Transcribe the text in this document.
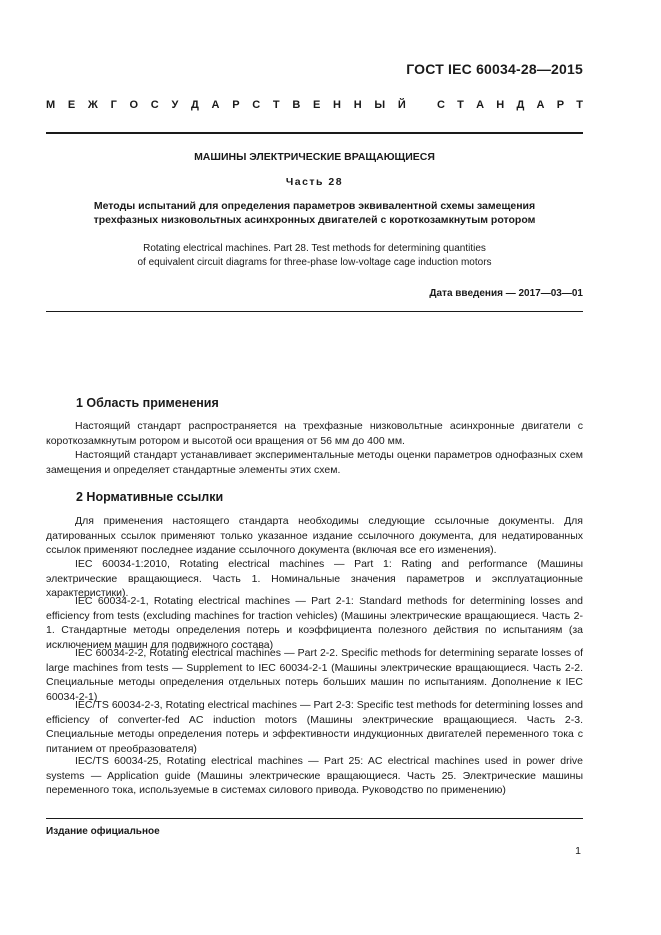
ГОСТ IEC 60034-28—2015
М Е Ж Г О С У Д А Р С Т В Е Н Н Ы Й	С Т А Н Д А Р Т
МАШИНЫ ЭЛЕКТРИЧЕСКИЕ ВРАЩАЮЩИЕСЯ
Часть 28
Методы испытаний для определения параметров эквивалентной схемы замещения
трехфазных низковольтных асинхронных двигателей с короткозамкнутым ротором
Rotating electrical machines. Part 28. Test methods for determining quantities
of equivalent circuit diagrams for three-phase low-voltage cage induction motors
Дата введения — 2017—03—01
1 Область применения

Настоящий стандарт распространяется на трехфазные низковольтные асинхронные двигатели с короткозамкнутым ротором и высотой оси вращения от 56 мм до 400 мм.

Настоящий стандарт устанавливает экспериментальные методы оценки параметров однофазных схем замещения и определяет стандартные элементы этих схем.

2 Нормативные ссылки

Для применения настоящего стандарта необходимы следующие ссылочные документы. Для датированных ссылок применяют только указанное издание ссылочного документа, для недатированных ссылок применяют последнее издание ссылочного документа (включая все его изменения).

IEC 60034-1:2010, Rotating electrical machines — Part 1: Rating and performance (Машины электрические вращающиеся. Часть 1. Номинальные значения параметров и эксплуатационные характеристики).

IEC 60034-2-1, Rotating electrical machines — Part 2-1: Standard methods for determining losses and efficiency from tests (excluding machines for traction vehicles) (Машины электрические вращающиеся. Часть 2-1. Стандартные методы определения потерь и коэффициента полезного действия по испытаниям (за исключением машин для подвижного состава)

IEC 60034-2-2, Rotating electrical machines — Part 2-2. Specific methods for determining separate losses of large machines from tests — Supplement to IEC 60034-2-1 (Машины электрические вращающиеся. Часть 2-2. Специальные методы определения отдельных потерь больших машин по испытаниям. Дополнение к IEC 60034-2-1)

IEC/TS 60034-2-3, Rotating electrical machines — Part 2-3: Specific test methods for determining losses and efficiency of converter-fed AC induction motors (Машины электрические вращающиеся. Часть 2-3. Специальные методы определения потерь и эффективности индукционных двигателей переменного тока с питанием от преобразователя)

IEC/TS 60034-25, Rotating electrical machines — Part 25: AC electrical machines used in power drive systems — Application guide (Машины электрические вращающиеся. Часть 25. Электрические машины переменного тока, используемые в системах силового привода. Руководство по применению)

Издание официальное
1
